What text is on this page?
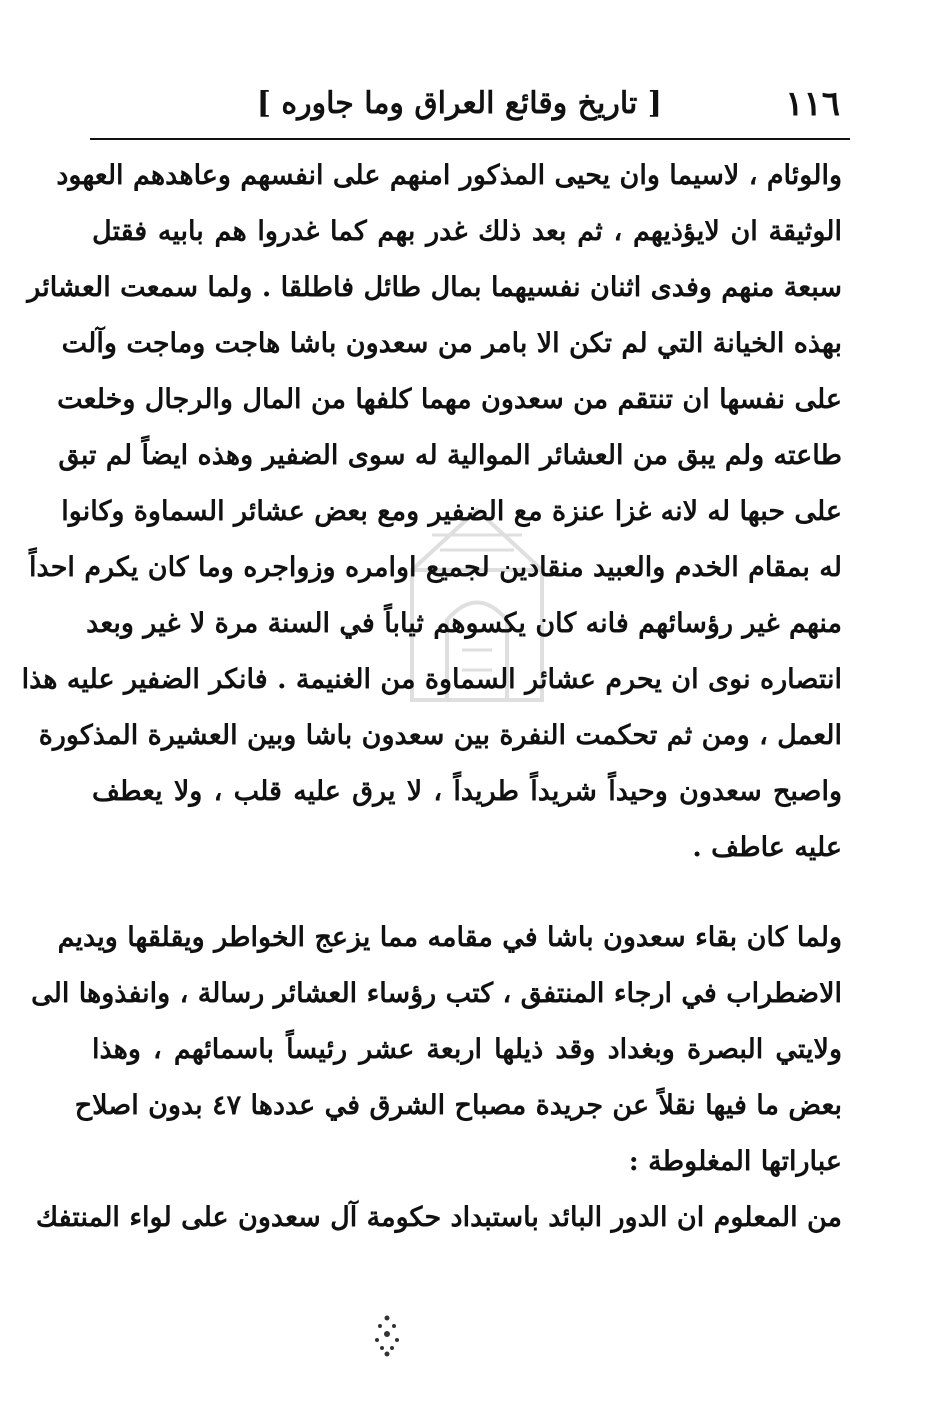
١١٦
[ تاريخ وقائع العراق وما جاوره ]
والوئام ، لاسيما وان يحيى المذكور امنهم على انفسهم وعاهدهم العهود
الوثيقة ان لايؤذيهم ، ثم بعد ذلك غدر بهم كما غدروا هم بابيه فقتل
سبعة منهم وفدى اثنان نفسيهما بمال طائل فاطلقا . ولما سمعت العشائر
بهذه الخيانة التي لم تكن الا بامر من سعدون باشا هاجت وماجت وآلت
على نفسها ان تنتقم من سعدون مهما كلفها من المال والرجال وخلعت
طاعته ولم يبق من العشائر الموالية له سوى الضفير وهذه ايضاً لم تبق
على حبها له لانه غزا عنزة مع الضفير ومع بعض عشائر السماوة وكانوا
له بمقام الخدم والعبيد منقادين لجميع اوامره وزواجره وما كان يكرم احداً
منهم غير رؤسائهم فانه كان يكسوهم ثياباً في السنة مرة لا غير وبعد
انتصاره نوى ان يحرم عشائر السماوة من الغنيمة . فانكر الضفير عليه هذا
العمل ، ومن ثم تحكمت النفرة بين سعدون باشا وبين العشيرة المذكورة
واصبح سعدون وحيداً شريداً طريداً ، لا يرق عليه قلب ، ولا يعطف
عليه عاطف .
ولما كان بقاء سعدون باشا في مقامه مما يزعج الخواطر ويقلقها ويديم
الاضطراب في ارجاء المنتفق ، كتب رؤساء العشائر رسالة ، وانفذوها الى
ولايتي البصرة وبغداد وقد ذيلها اربعة عشر رئيساً باسمائهم ، وهذا
بعض ما فيها نقلاً عن جريدة مصباح الشرق في عددها ٤٧ بدون اصلاح
عباراتها المغلوطة :
من المعلوم ان الدور البائد باستبداد حكومة آل سعدون على لواء المنتفك
